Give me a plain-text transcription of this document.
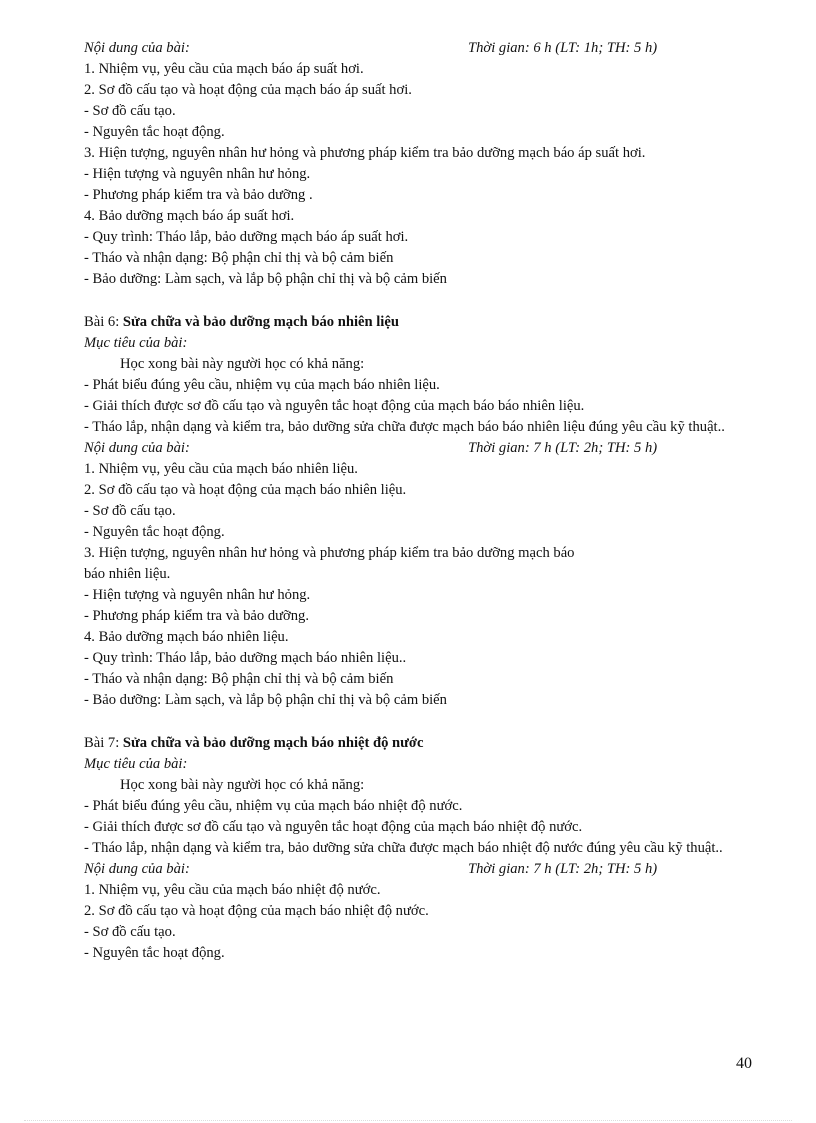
Nội dung của bài:	Thời gian: 6 h (LT: 1h; TH: 5 h)
1. Nhiệm vụ, yêu cầu của mạch báo áp suất hơi.
2. Sơ đồ cấu tạo và hoạt động của mạch báo áp suất hơi.
- Sơ đồ cấu tạo.
- Nguyên tắc hoạt động.
3. Hiện tượng, nguyên nhân hư hỏng và phương pháp kiểm tra bảo dưỡng mạch báo áp suất hơi.
- Hiện tượng và nguyên nhân hư hỏng.
- Phương pháp kiểm tra và bảo dưỡng .
4. Bảo dưỡng mạch báo áp suất hơi.
- Quy trình: Tháo lắp, bảo dưỡng mạch báo áp suất hơi.
- Tháo và nhận dạng: Bộ phận chỉ thị và bộ cảm biến
- Bảo dưỡng: Làm sạch, và lắp bộ phận chỉ thị và bộ cảm biến
Bài 6: Sửa chữa và bảo dưỡng mạch báo nhiên liệu
Mục tiêu của bài:
Học xong bài này người học có khả năng:
- Phát biểu đúng yêu cầu, nhiệm vụ của mạch báo nhiên liệu.
- Giải thích được sơ đồ cấu tạo và nguyên tắc hoạt động của mạch báo báo nhiên liệu.
- Tháo lắp, nhận dạng và kiểm tra, bảo dưỡng sửa chữa được mạch báo báo nhiên liệu đúng yêu cầu kỹ thuật..
Nội dung của bài:	Thời gian: 7 h (LT: 2h; TH: 5 h)
1. Nhiệm vụ, yêu cầu của mạch báo nhiên liệu.
2. Sơ đồ cấu tạo và hoạt động của mạch báo nhiên liệu.
- Sơ đồ cấu tạo.
- Nguyên tắc hoạt động.
3. Hiện tượng, nguyên nhân hư hỏng và phương pháp kiểm tra bảo dưỡng mạch báo
báo nhiên liệu.
- Hiện tượng và nguyên nhân hư hỏng.
- Phương pháp kiểm tra và bảo dưỡng.
4. Bảo dưỡng mạch báo nhiên liệu.
- Quy trình: Tháo lắp, bảo dưỡng mạch báo nhiên liệu..
- Tháo và nhận dạng: Bộ phận chỉ thị và bộ cảm biến
- Bảo dưỡng: Làm sạch, và lắp bộ phận chỉ thị và bộ cảm biến
Bài 7: Sửa chữa và bảo dưỡng mạch báo nhiệt độ nước
Mục tiêu của bài:
Học xong bài này người học có khả năng:
- Phát biểu đúng yêu cầu, nhiệm vụ của mạch báo nhiệt độ nước.
- Giải thích được sơ đồ cấu tạo và nguyên tắc hoạt động của mạch báo nhiệt độ nước.
- Tháo lắp, nhận dạng và kiểm tra, bảo dưỡng sửa chữa được mạch báo nhiệt độ nước đúng yêu cầu kỹ thuật..
Nội dung của bài:	Thời gian: 7 h (LT: 2h; TH: 5 h)
1. Nhiệm vụ, yêu cầu của mạch báo nhiệt độ nước.
2. Sơ đồ cấu tạo và hoạt động của mạch báo nhiệt độ nước.
- Sơ đồ cấu tạo.
- Nguyên tắc hoạt động.
40
